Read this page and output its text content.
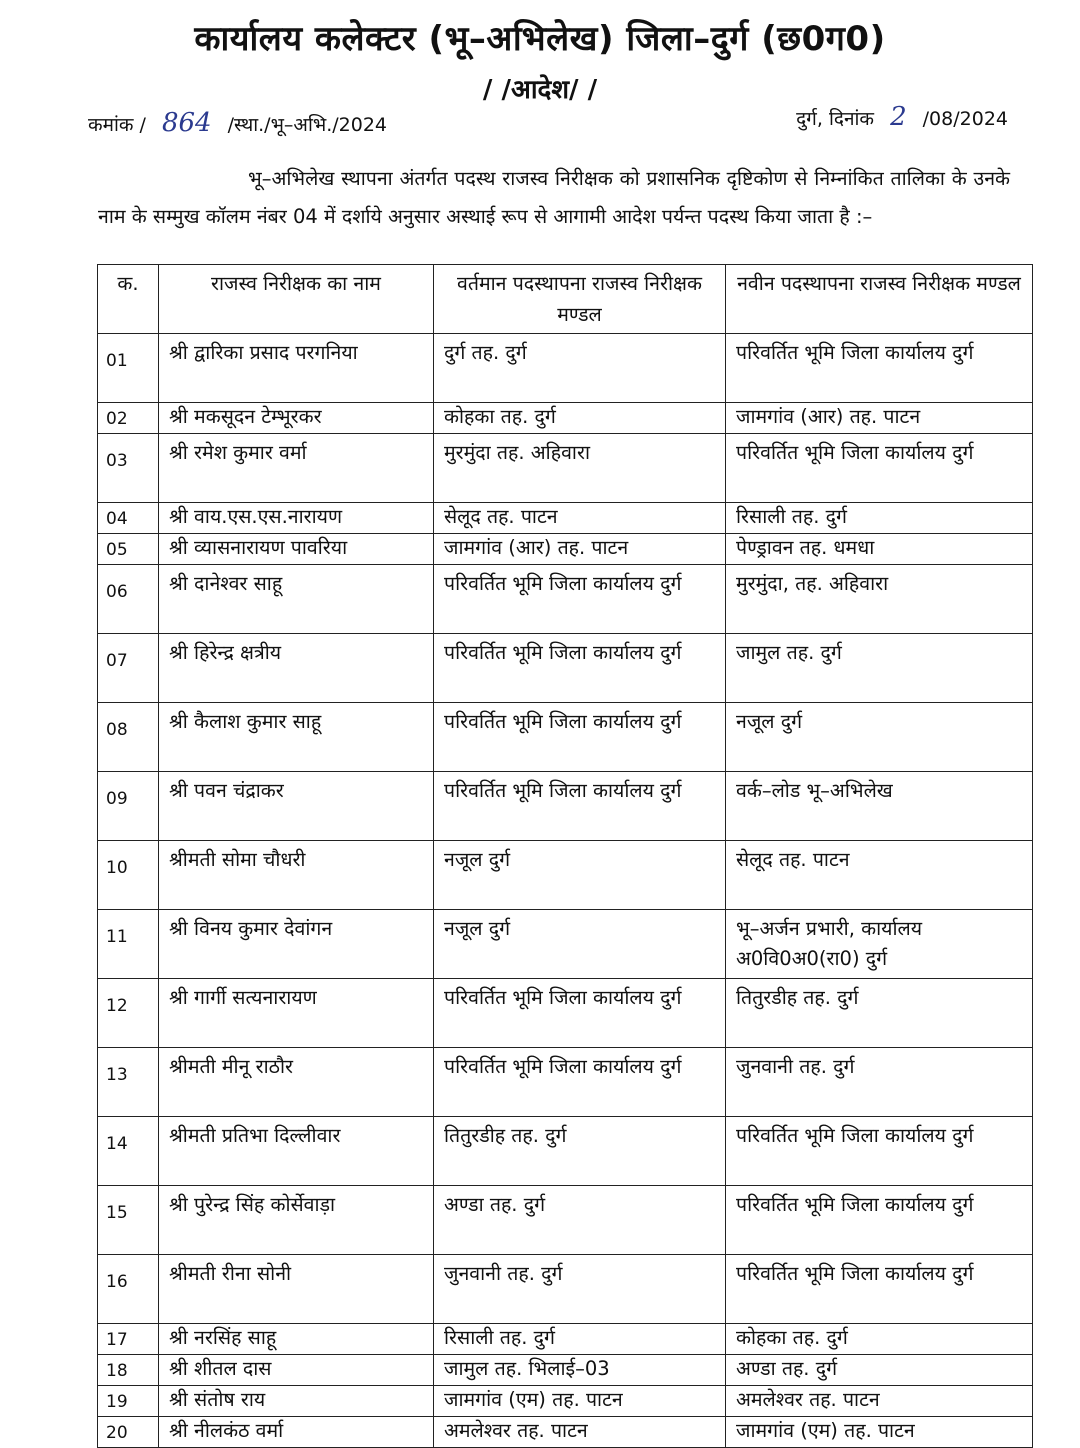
कार्यालय कलेक्टर (भू–अभिलेख) जिला–दुर्ग (छ0ग0)
/ /आदेश/ /
कमांक / 864 /स्था./भू–अभि./2024	दुर्ग, दिनांक 2 /08/2024
भू–अभिलेख स्थापना अंतर्गत पदस्थ राजस्व निरीक्षक को प्रशासनिक दृष्टिकोण से निम्नांकित तालिका के उनके नाम के सम्मुख कॉलम नंबर 04 में दर्शाये अनुसार अस्थाई रूप से आगामी आदेश पर्यन्त पदस्थ किया जाता है :–
क.	राजस्व निरीक्षक का नाम	वर्तमान पदस्थापना राजस्व निरीक्षक मण्डल	नवीन पदस्थापना राजस्व निरीक्षक मण्डल
01	श्री द्वारिका प्रसाद परगनिया	दुर्ग तह. दुर्ग	परिवर्तित भूमि जिला कार्यालय दुर्ग
02	श्री मकसूदन टेम्भूरकर	कोहका तह. दुर्ग	जामगांव (आर) तह. पाटन
03	श्री रमेश कुमार वर्मा	मुरमुंदा तह. अहिवारा	परिवर्तित भूमि जिला कार्यालय दुर्ग
04	श्री वाय.एस.एस.नारायण	सेलूद तह. पाटन	रिसाली तह. दुर्ग
05	श्री व्यासनारायण पावरिया	जामगांव (आर) तह. पाटन	पेण्ड्रावन तह. धमधा
06	श्री दानेश्वर साहू	परिवर्तित भूमि जिला कार्यालय दुर्ग	मुरमुंदा, तह. अहिवारा
07	श्री हिरेन्द्र क्षत्रीय	परिवर्तित भूमि जिला कार्यालय दुर्ग	जामुल तह. दुर्ग
08	श्री कैलाश कुमार साहू	परिवर्तित भूमि जिला कार्यालय दुर्ग	नजूल दुर्ग
09	श्री पवन चंद्राकर	परिवर्तित भूमि जिला कार्यालय दुर्ग	वर्क–लोड भू–अभिलेख
10	श्रीमती सोमा चौधरी	नजूल दुर्ग	सेलूद तह. पाटन
11	श्री विनय कुमार देवांगन	नजूल दुर्ग	भू–अर्जन प्रभारी, कार्यालय अ0वि0अ0(रा0) दुर्ग
12	श्री गार्गी सत्यनारायण	परिवर्तित भूमि जिला कार्यालय दुर्ग	तितुरडीह तह. दुर्ग
13	श्रीमती मीनू राठौर	परिवर्तित भूमि जिला कार्यालय दुर्ग	जुनवानी तह. दुर्ग
14	श्रीमती प्रतिभा दिल्लीवार	तितुरडीह तह. दुर्ग	परिवर्तित भूमि जिला कार्यालय दुर्ग
15	श्री पुरेन्द्र सिंह कोर्सेवाड़ा	अण्डा तह. दुर्ग	परिवर्तित भूमि जिला कार्यालय दुर्ग
16	श्रीमती रीना सोनी	जुनवानी तह. दुर्ग	परिवर्तित भूमि जिला कार्यालय दुर्ग
17	श्री नरसिंह साहू	रिसाली तह. दुर्ग	कोहका तह. दुर्ग
18	श्री शीतल दास	जामुल तह. भिलाई–03	अण्डा तह. दुर्ग
19	श्री संतोष राय	जामगांव (एम) तह. पाटन	अमलेश्वर तह. पाटन
20	श्री नीलकंठ वर्मा	अमलेश्वर तह. पाटन	जामगांव (एम) तह. पाटन
